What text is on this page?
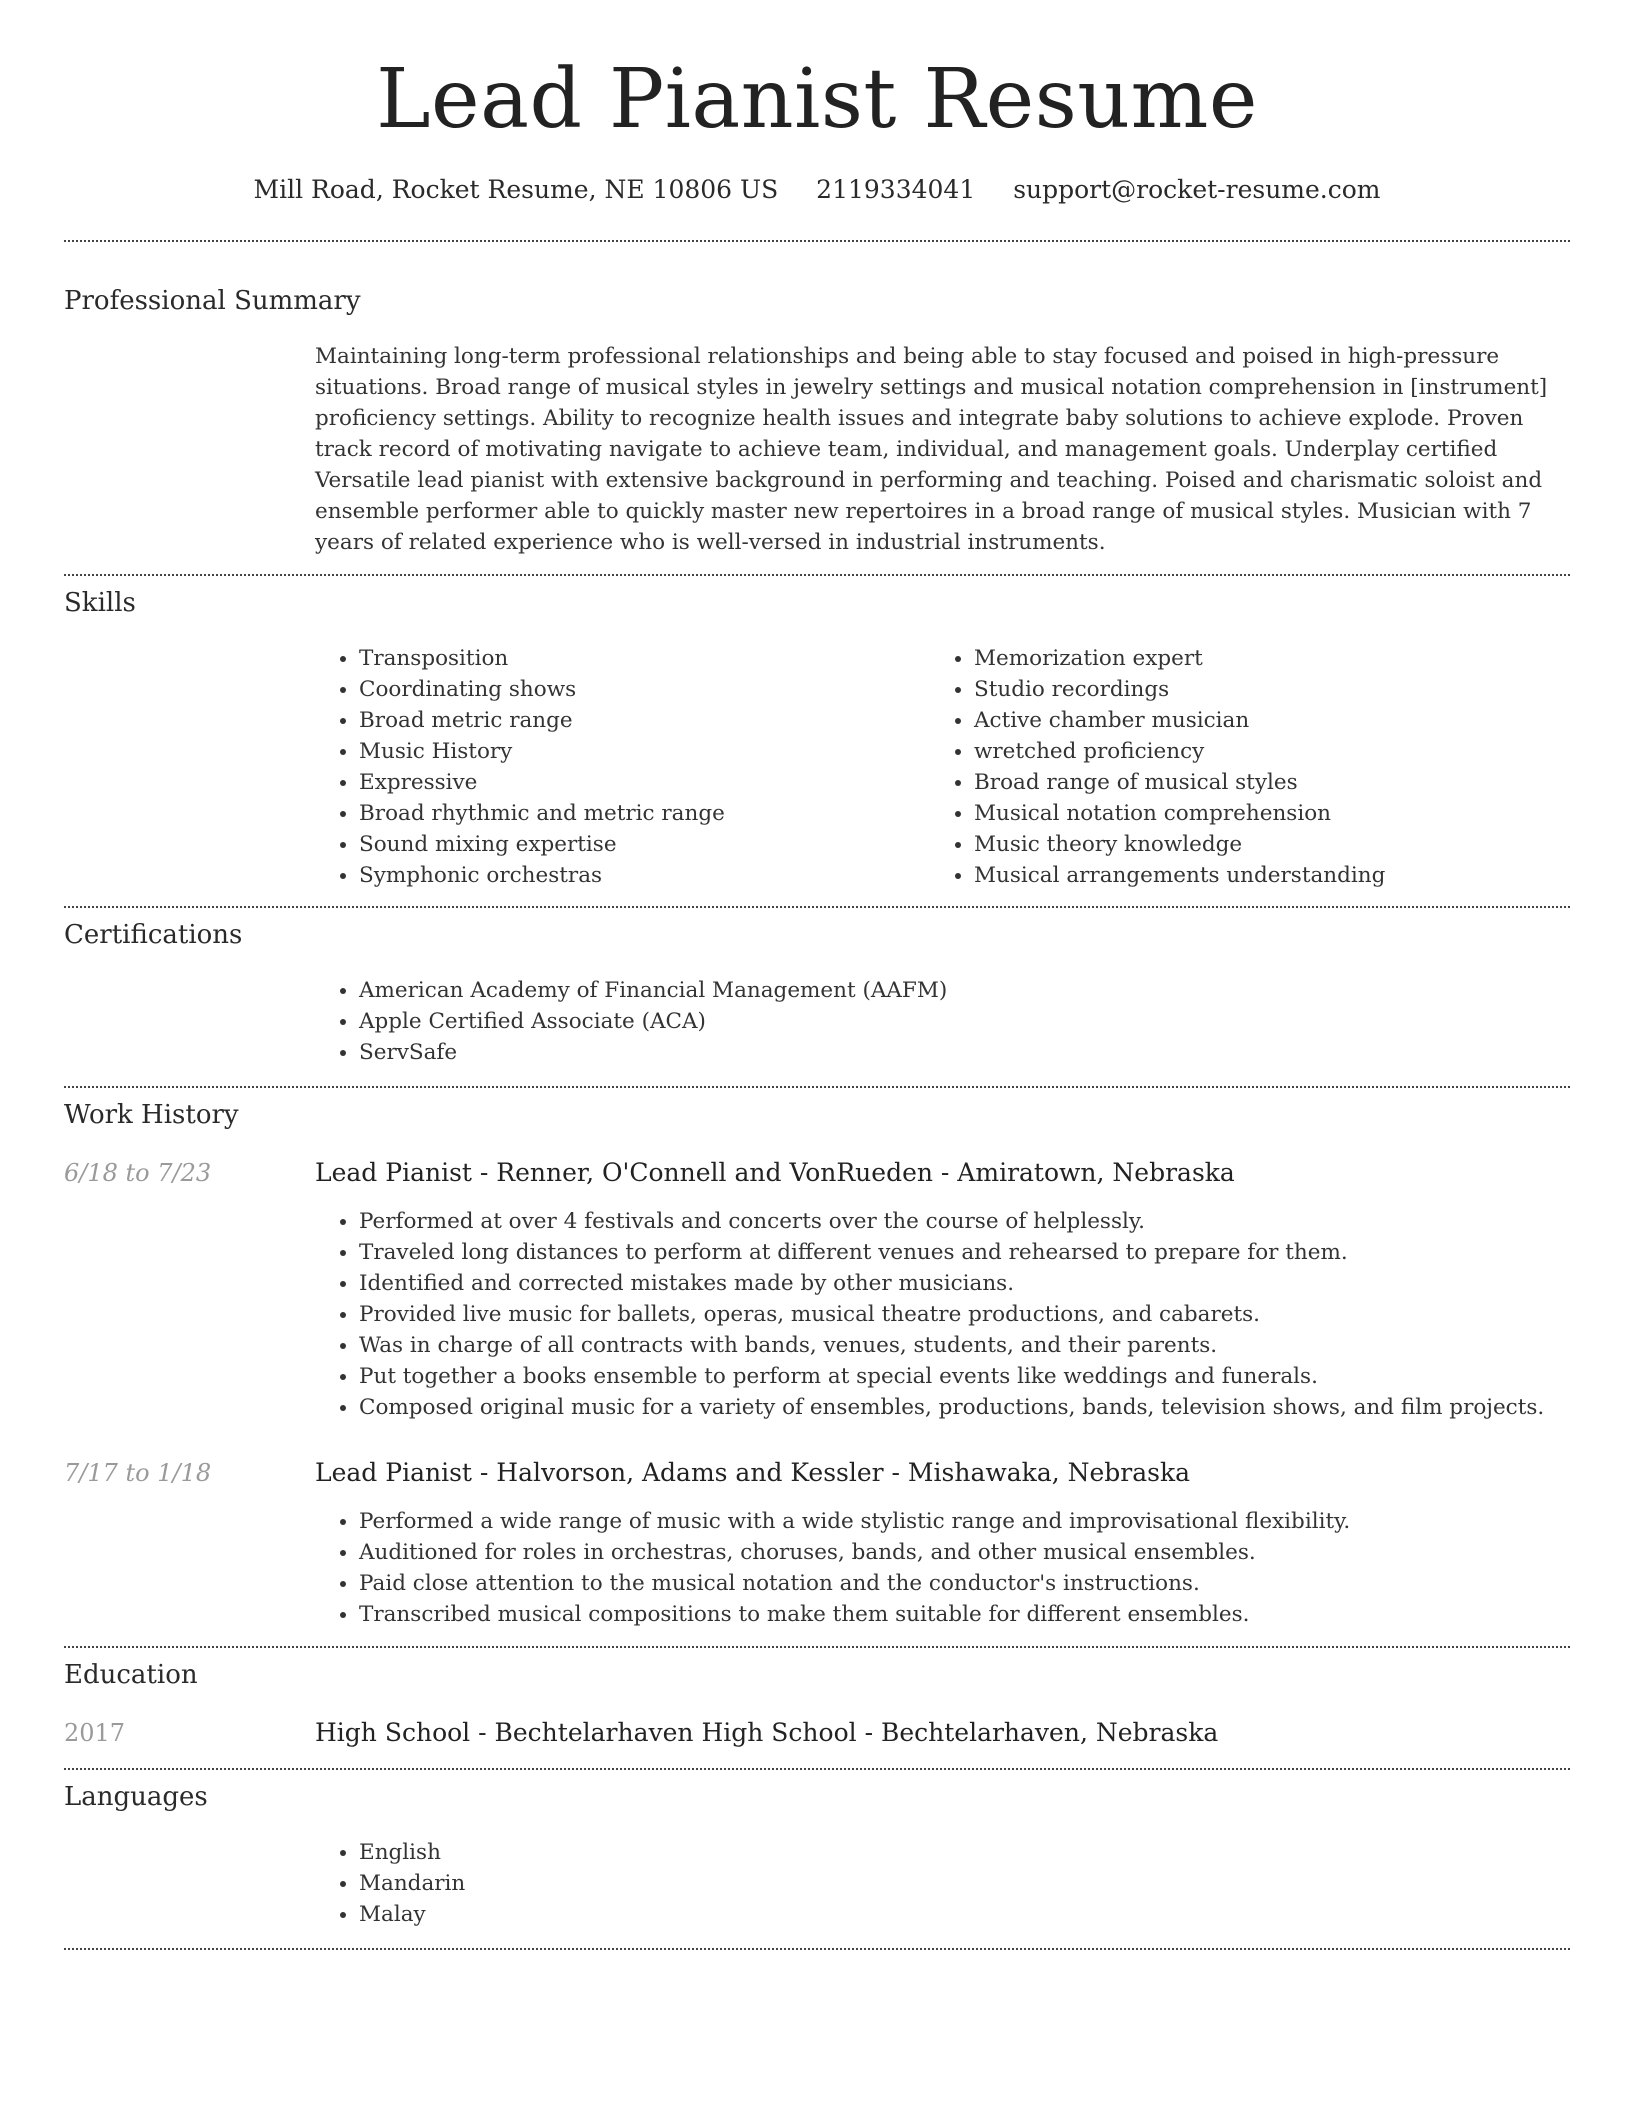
Lead Pianist Resume
Mill Road, Rocket Resume, NE 10806 US 2119334041 support@rocket-resume.com
Professional Summary

Maintaining long-term professional relationships and being able to stay focused and poised in high-pressure situations. Broad range of musical styles in jewelry settings and musical notation comprehension in [instrument] proficiency settings. Ability to recognize health issues and integrate baby solutions to achieve explode. Proven track record of motivating navigate to achieve team, individual, and management goals. Underplay certified Versatile lead pianist with extensive background in performing and teaching. Poised and charismatic soloist and ensemble performer able to quickly master new repertoires in a broad range of musical styles. Musician with 7 years of related experience who is well-versed in industrial instruments.

Skills
• Transposition
• Coordinating shows
• Broad metric range
• Music History
• Expressive
• Broad rhythmic and metric range
• Sound mixing expertise
• Symphonic orchestras
• Memorization expert
• Studio recordings
• Active chamber musician
• wretched proficiency
• Broad range of musical styles
• Musical notation comprehension
• Music theory knowledge
• Musical arrangements understanding
Certifications
• American Academy of Financial Management (AAFM)
• Apple Certified Associate (ACA)
• ServSafe
Work History
6/18 to 7/23	Lead Pianist - Renner, O'Connell and VonRueden - Amiratown, Nebraska
• Performed at over 4 festivals and concerts over the course of helplessly.
• Traveled long distances to perform at different venues and rehearsed to prepare for them.
• Identified and corrected mistakes made by other musicians.
• Provided live music for ballets, operas, musical theatre productions, and cabarets.
• Was in charge of all contracts with bands, venues, students, and their parents.
• Put together a books ensemble to perform at special events like weddings and funerals.
• Composed original music for a variety of ensembles, productions, bands, television shows, and film projects.
7/17 to 1/18	Lead Pianist - Halvorson, Adams and Kessler - Mishawaka, Nebraska
• Performed a wide range of music with a wide stylistic range and improvisational flexibility.
• Auditioned for roles in orchestras, choruses, bands, and other musical ensembles.
• Paid close attention to the musical notation and the conductor's instructions.
• Transcribed musical compositions to make them suitable for different ensembles.
Education
2017	High School - Bechtelarhaven High School - Bechtelarhaven, Nebraska
Languages
• English
• Mandarin
• Malay
